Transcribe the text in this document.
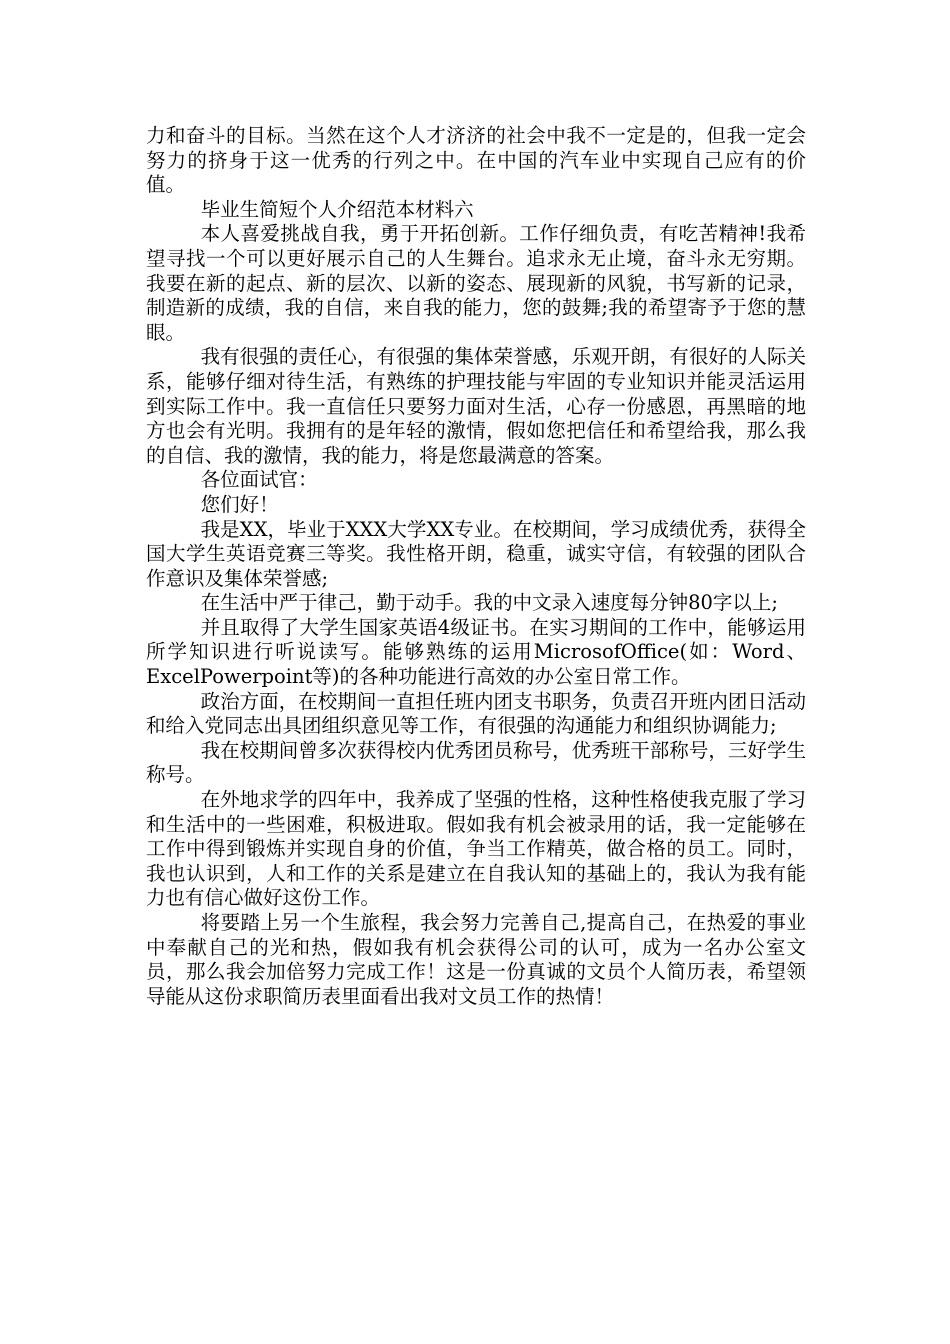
力和奋斗的目标。当然在这个人才济济的社会中我不一定是的，但我一定会努力的挤身于这一优秀的行列之中。在中国的汽车业中实现自己应有的价值。

毕业生简短个人介绍范本材料六

本人喜爱挑战自我，勇于开拓创新。工作仔细负责，有吃苦精神!我希望寻找一个可以更好展示自己的人生舞台。追求永无止境，奋斗永无穷期。我要在新的起点、新的层次、以新的姿态、展现新的风貌，书写新的记录，制造新的成绩，我的自信，来自我的能力，您的鼓舞;我的希望寄予于您的慧眼。

我有很强的责任心，有很强的集体荣誉感，乐观开朗，有很好的人际关系，能够仔细对待生活，有熟练的护理技能与牢固的专业知识并能灵活运用到实际工作中。我一直信任只要努力面对生活，心存一份感恩，再黑暗的地方也会有光明。我拥有的是年轻的激情，假如您把信任和希望给我，那么我的自信、我的激情，我的能力，将是您最满意的答案。

各位面试官：

您们好！

我是XX，毕业于XXX大学XX专业。在校期间，学习成绩优秀，获得全国大学生英语竞赛三等奖。我性格开朗，稳重，诚实守信，有较强的团队合作意识及集体荣誉感;

在生活中严于律己，勤于动手。我的中文录入速度每分钟80字以上;

并且取得了大学生国家英语4级证书。在实习期间的工作中，能够运用所学知识进行听说读写。能够熟练的运用MicrosofOffice(如：Word、ExcelPowerpoint等)的各种功能进行高效的办公室日常工作。

政治方面，在校期间一直担任班内团支书职务，负责召开班内团日活动和给入党同志出具团组织意见等工作，有很强的沟通能力和组织协调能力;

我在校期间曾多次获得校内优秀团员称号，优秀班干部称号，三好学生称号。

在外地求学的四年中，我养成了坚强的性格，这种性格使我克服了学习和生活中的一些困难，积极进取。假如我有机会被录用的话，我一定能够在工作中得到锻炼并实现自身的价值，争当工作精英，做合格的员工。同时，我也认识到，人和工作的关系是建立在自我认知的基础上的，我认为我有能力也有信心做好这份工作。

将要踏上另一个生旅程，我会努力完善自己,提高自己，在热爱的事业中奉献自己的光和热，假如我有机会获得公司的认可，成为一名办公室文员，那么我会加倍努力完成工作！这是一份真诚的文员个人简历表，希望领导能从这份求职简历表里面看出我对文员工作的热情！
